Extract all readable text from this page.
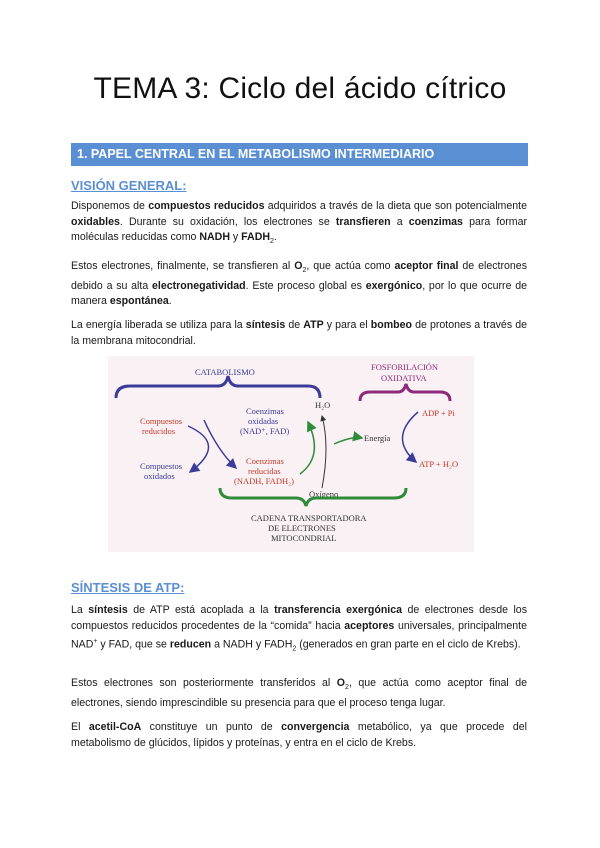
TEMA 3: Ciclo del ácido cítrico
1. PAPEL CENTRAL EN EL METABOLISMO INTERMEDIARIO
VISIÓN GENERAL:
Disponemos de compuestos reducidos adquiridos a través de la dieta que son potencialmente oxidables. Durante su oxidación, los electrones se transfieren a coenzimas para formar moléculas reducidas como NADH y $FADH_2$.
Estos electrones, finalmente, se transfieren al $O_2$, que actúa como aceptor final de electrones debido a su alta electronegatividad. Este proceso global es exergónico, por lo que ocurre de manera espontánea.
La energía liberada se utiliza para la síntesis de ATP y para el bombeo de protones a través de la membrana mitocondrial.
CATABOLISMO	FOSFORILACIÓN
OXIDATIVA
Compuestos
reducidos
Compuestos
oxidados
Coenzimas
oxidadas
(NAD⁺, FAD)
Coenzimas
reducidas
(NADH, FADH₂)
H₂O
Oxígeno
Energía
ADP + Pi
ATP + H₂O
CADENA TRANSPORTADORA
DE ELECTRONES
MITOCONDRIAL
SÍNTESIS DE ATP:
La síntesis de ATP está acoplada a la transferencia exergónica de electrones desde los compuestos reducidos procedentes de la “comida” hacia aceptores universales, principalmente NAD+ y FAD, que se reducen a NADH y $FADH_2$ (generados en gran parte en el ciclo de Krebs).
Estos electrones son posteriormente transferidos al $O_2$, que actúa como aceptor final de electrones, siendo imprescindible su presencia para que el proceso tenga lugar.
El acetil-CoA constituye un punto de convergencia metabólico, ya que procede del metabolismo de glúcidos, lípidos y proteínas, y entra en el ciclo de Krebs.
